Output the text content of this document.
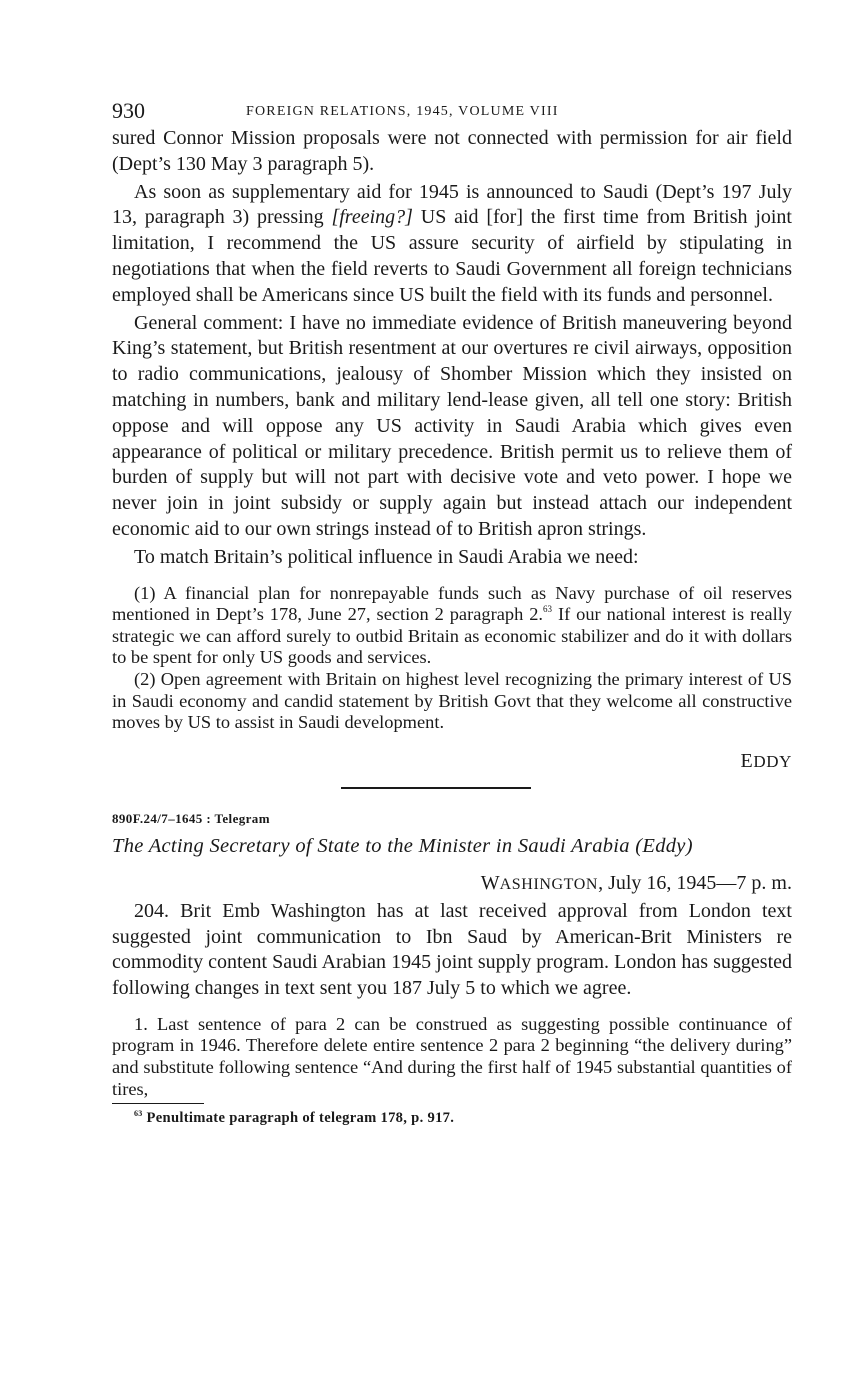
930	FOREIGN RELATIONS, 1945, VOLUME VIII

sured Connor Mission proposals were not connected with permission for air field (Dept’s 130 May 3 paragraph 5).

As soon as supplementary aid for 1945 is announced to Saudi (Dept’s 197 July 13, paragraph 3) pressing [freeing?] US aid [for] the first time from British joint limitation, I recommend the US assure security of airfield by stipulating in negotiations that when the field reverts to Saudi Government all foreign technicians employed shall be Americans since US built the field with its funds and personnel.

General comment: I have no immediate evidence of British maneuvering beyond King’s statement, but British resentment at our overtures re civil airways, opposition to radio communications, jealousy of Shomber Mission which they insisted on matching in numbers, bank and military lend-lease given, all tell one story: British oppose and will oppose any US activity in Saudi Arabia which gives even appearance of political or military precedence. British permit us to relieve them of burden of supply but will not part with decisive vote and veto power. I hope we never join in joint subsidy or supply again but instead attach our independent economic aid to our own strings instead of to British apron strings.

To match Britain’s political influence in Saudi Arabia we need:

(1) A financial plan for nonrepayable funds such as Navy purchase of oil reserves mentioned in Dept’s 178, June 27, section 2 paragraph 2.63 If our national interest is really strategic we can afford surely to outbid Britain as economic stabilizer and do it with dollars to be spent for only US goods and services.

(2) Open agreement with Britain on highest level recognizing the primary interest of US in Saudi economy and candid statement by British Govt that they welcome all constructive moves by US to assist in Saudi development.

EDDY
890F.24/7–1645 : Telegram
The Acting Secretary of State to the Minister in Saudi Arabia (Eddy)
WASHINGTON, July 16, 1945—7 p. m.

204. Brit Emb Washington has at last received approval from London text suggested joint communication to Ibn Saud by American-Brit Ministers re commodity content Saudi Arabian 1945 joint supply program. London has suggested following changes in text sent you 187 July 5 to which we agree.

1. Last sentence of para 2 can be construed as suggesting possible continuance of program in 1946. Therefore delete entire sentence 2 para 2 beginning “the delivery during” and substitute following sentence “And during the first half of 1945 substantial quantities of tires,

$^{63}$ Penultimate paragraph of telegram 178, p. 917.
